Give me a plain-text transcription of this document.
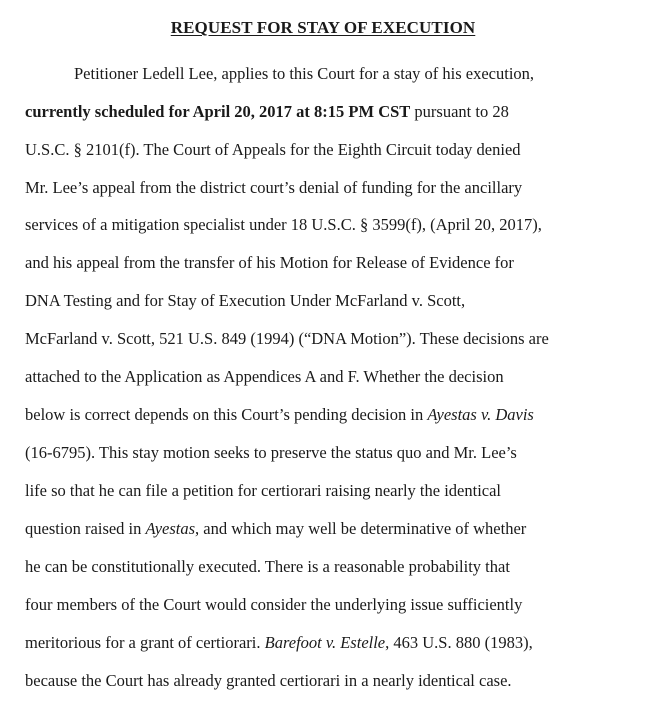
REQUEST FOR STAY OF EXECUTION
Petitioner Ledell Lee, applies to this Court for a stay of his execution,
currently scheduled for April 20, 2017 at 8:15 PM CST pursuant to 28
U.S.C. § 2101(f). The Court of Appeals for the Eighth Circuit today denied
Mr. Lee’s appeal from the district court’s denial of funding for the ancillary
services of a mitigation specialist under 18 U.S.C. § 3599(f), (April 20, 2017),
and his appeal from the transfer of his Motion for Release of Evidence for
DNA Testing and for Stay of Execution Under McFarland v. Scott,
McFarland v. Scott, 521 U.S. 849 (1994) (“DNA Motion”). These decisions are
attached to the Application as Appendices A and F. Whether the decision
below is correct depends on this Court’s pending decision in Ayestas v. Davis
(16-6795). This stay motion seeks to preserve the status quo and Mr. Lee’s
life so that he can file a petition for certiorari raising nearly the identical
question raised in Ayestas, and which may well be determinative of whether
he can be constitutionally executed. There is a reasonable probability that
four members of the Court would consider the underlying issue sufficiently
meritorious for a grant of certiorari. Barefoot v. Estelle, 463 U.S. 880 (1983),
because the Court has already granted certiorari in a nearly identical case.
